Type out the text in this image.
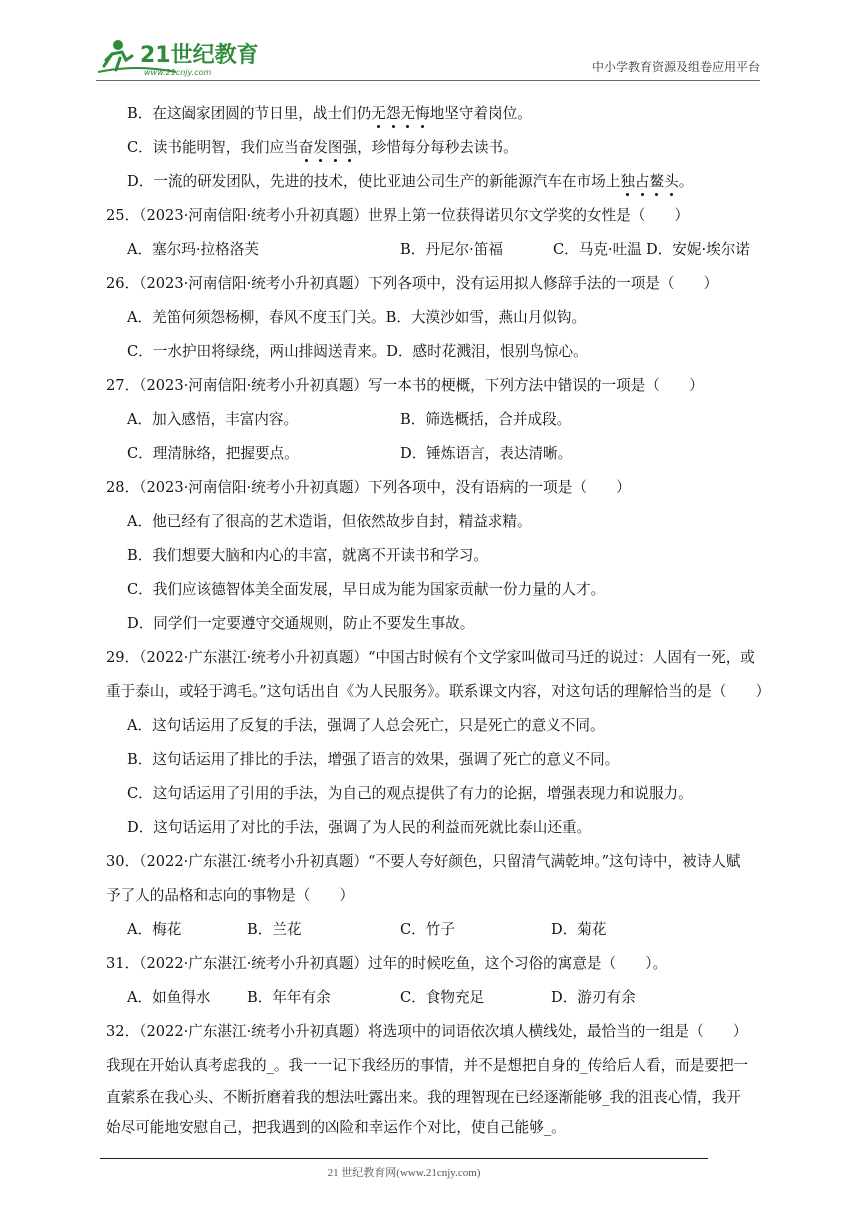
21世纪教育
www.21cnjy.com	中小学教育资源及组卷应用平台
B．在这阖家团圆的节日里，战士们仍无怨无悔地坚守着岗位。
C．读书能明智，我们应当奋发图强，珍惜每分每秒去读书。
D．一流的研发团队，先进的技术，使比亚迪公司生产的新能源汽车在市场上独占鳌头。
25．（2023·河南信阳·统考小升初真题）世界上第一位获得诺贝尔文学奖的女性是（　　）
A．塞尔玛·拉格洛芙	B．丹尼尔·笛福	C．马克·吐温 D．安妮·埃尔诺
26．（2023·河南信阳·统考小升初真题）下列各项中，没有运用拟人修辞手法的一项是（　　）
A．羌笛何须怨杨柳，春风不度玉门关。B．大漠沙如雪，燕山月似钩。
C．一水护田将绿绕，两山排闼送青来。D．感时花溅泪，恨别鸟惊心。
27．（2023·河南信阳·统考小升初真题）写一本书的梗概，下列方法中错误的一项是（　　）
A．加入感悟，丰富内容。	B．筛选概括，合并成段。
C．理清脉络，把握要点。	D．锤炼语言，表达清晰。
28．（2023·河南信阳·统考小升初真题）下列各项中，没有语病的一项是（　　）
A．他已经有了很高的艺术造诣，但依然故步自封，精益求精。
B．我们想要大脑和内心的丰富，就离不开读书和学习。
C．我们应该德智体美全面发展，早日成为能为国家贡献一份力量的人才。
D．同学们一定要遵守交通规则，防止不要发生事故。
29．（2022·广东湛江·统考小升初真题）“中国古时候有个文学家叫做司马迁的说过：人固有一死，或
重于泰山，或轻于鸿毛。”这句话出自《为人民服务》。联系课文内容，对这句话的理解恰当的是（　　）
A．这句话运用了反复的手法，强调了人总会死亡，只是死亡的意义不同。
B．这句话运用了排比的手法，增强了语言的效果，强调了死亡的意义不同。
C．这句话运用了引用的手法，为自己的观点提供了有力的论据，增强表现力和说服力。
D．这句话运用了对比的手法，强调了为人民的利益而死就比泰山还重。
30．（2022·广东湛江·统考小升初真题）“不要人夸好颜色，只留清气满乾坤。”这句诗中，被诗人赋
予了人的品格和志向的事物是（　　）
A．梅花	B．兰花	C．竹子	D．菊花
31．（2022·广东湛江·统考小升初真题）过年的时候吃鱼，这个习俗的寓意是（　　）。
A．如鱼得水 B．年年有余	C．食物充足	D．游刃有余
32．（2022·广东湛江·统考小升初真题）将选项中的词语依次填人横线处，最恰当的一组是（　　）
我现在开始认真考虑我的_。我一一记下我经历的事情，并不是想把自身的_传给后人看，而是要把一
直萦系在我心头、不断折磨着我的想法吐露出来。我的理智现在已经逐渐能够_我的沮丧心情，我开
始尽可能地安慰自己，把我遇到的凶险和幸运作个对比，使自己能够_。
21 世纪教育网(www.21cnjy.com)
